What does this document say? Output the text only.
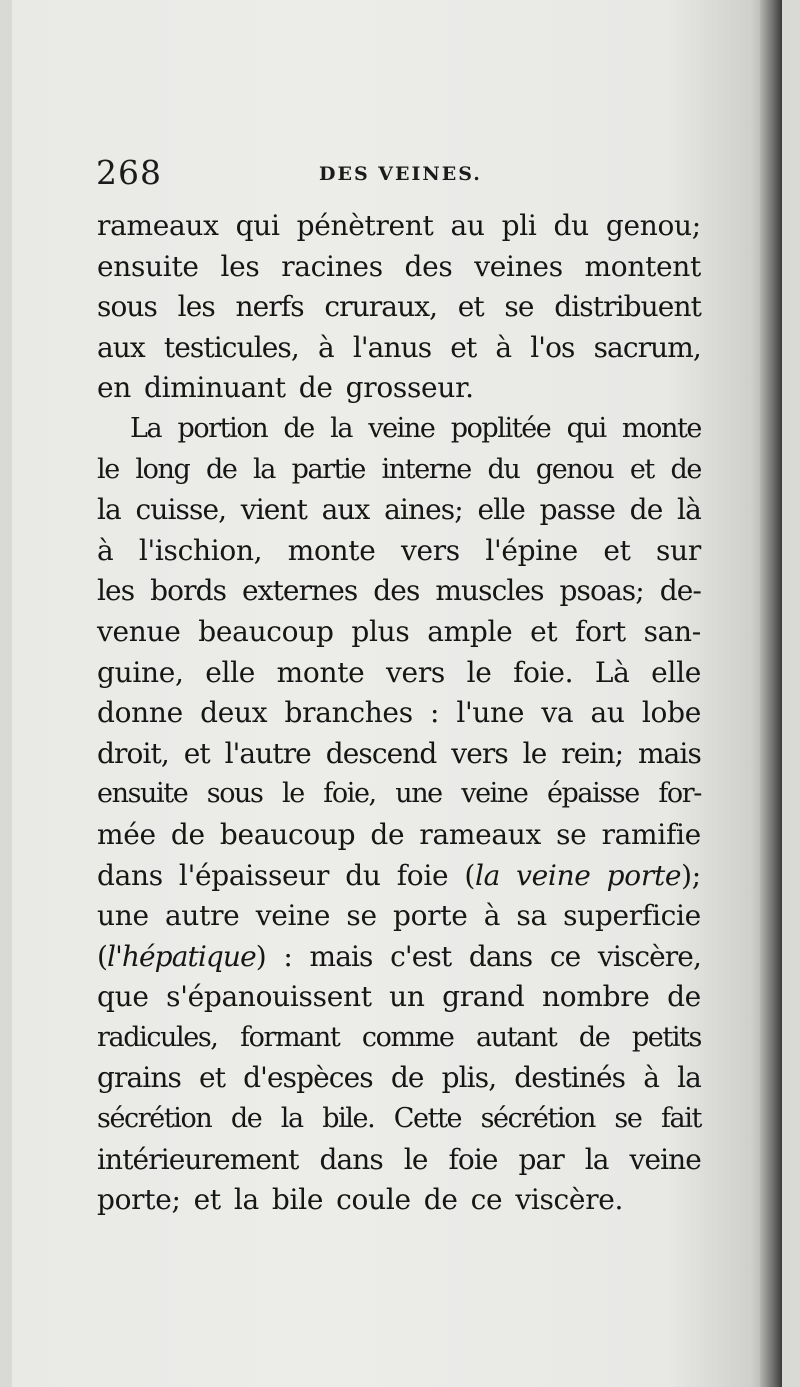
268	DES VEINES.
rameaux qui pénètrent au pli du genou;
ensuite les racines des veines montent
sous les nerfs cruraux, et se distribuent
aux testicules, à l'anus et à l'os sacrum,
en diminuant de grosseur.
La portion de la veine poplitée qui monte
le long de la partie interne du genou et de
la cuisse, vient aux aines; elle passe de là
à l'ischion, monte vers l'épine et sur
les bords externes des muscles psoas; de-
venue beaucoup plus ample et fort san-
guine, elle monte vers le foie. Là elle
donne deux branches : l'une va au lobe
droit, et l'autre descend vers le rein; mais
ensuite sous le foie, une veine épaisse for-
mée de beaucoup de rameaux se ramifie
dans l'épaisseur du foie (la veine porte);
une autre veine se porte à sa superficie
(l'hépatique) : mais c'est dans ce viscère,
que s'épanouissent un grand nombre de
radicules, formant comme autant de petits
grains et d'espèces de plis, destinés à la
sécrétion de la bile. Cette sécrétion se fait
intérieurement dans le foie par la veine
porte; et la bile coule de ce viscère.
